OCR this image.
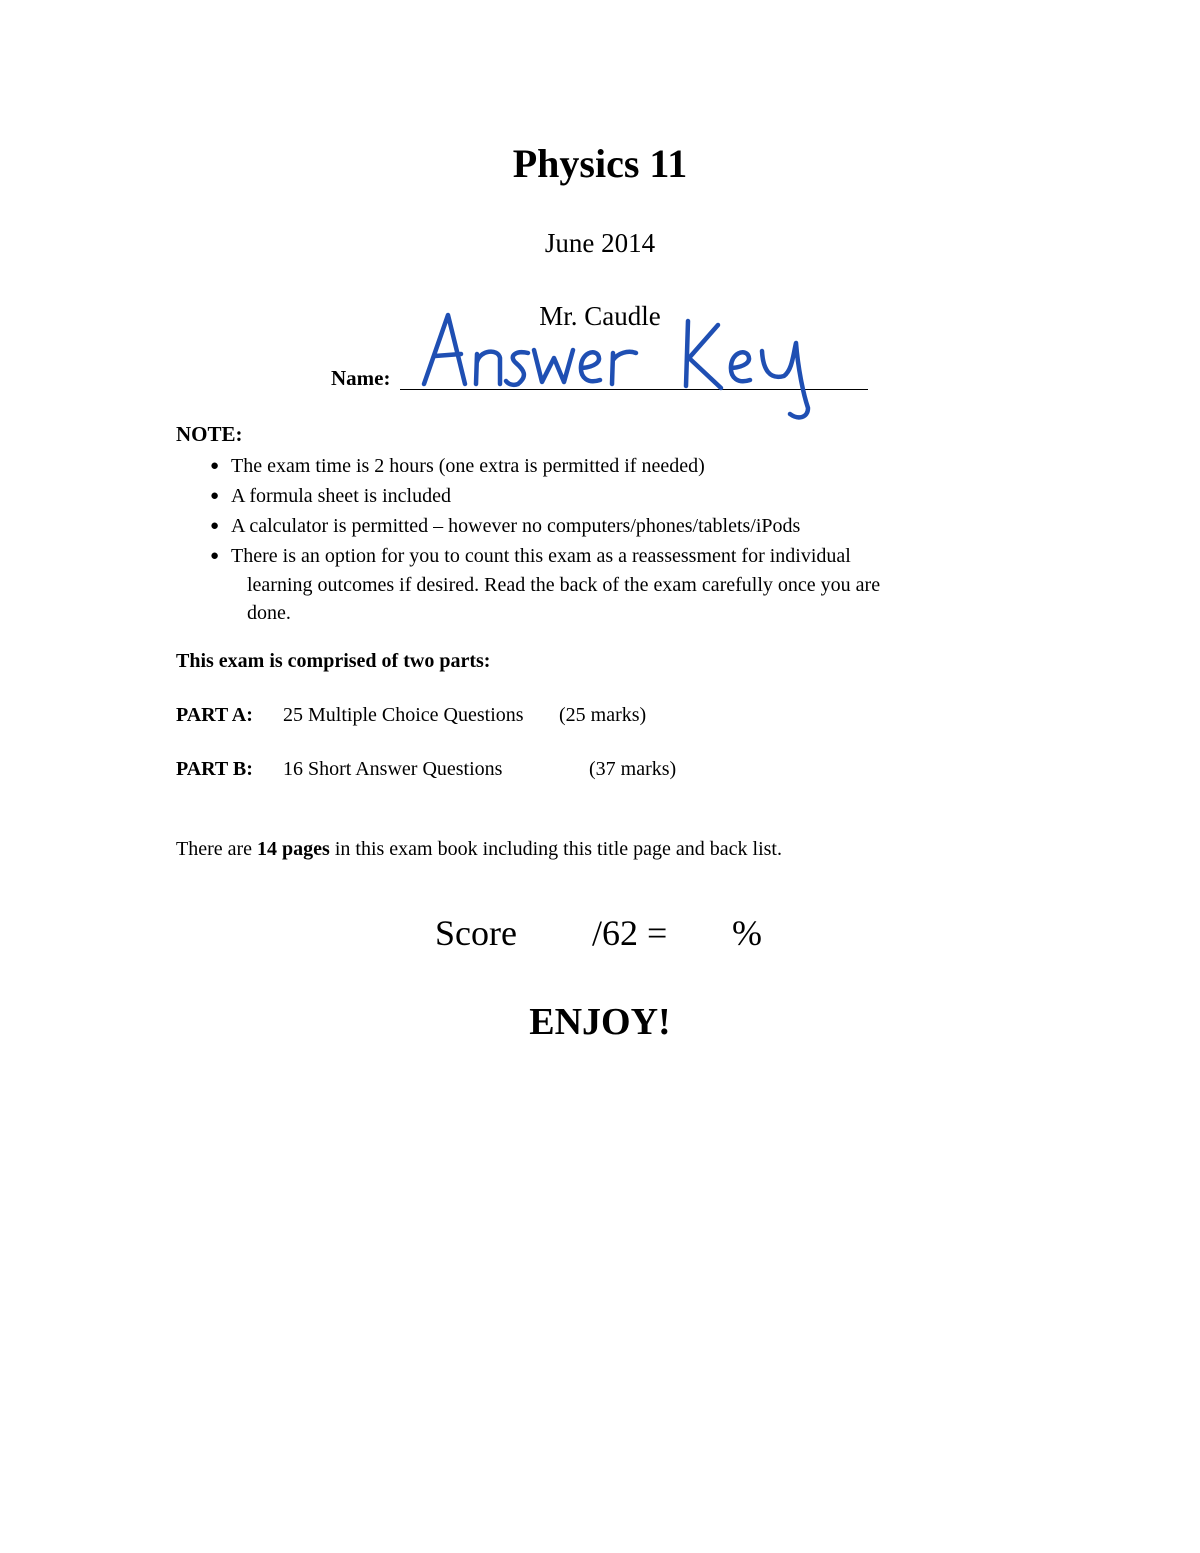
Physics 11
June 2014
Mr. Caudle
Name:
NOTE:
● The exam time is 2 hours (one extra is permitted if needed)
● A formula sheet is included
● A calculator is permitted – however no computers/phones/tablets/iPods
● There is an option for you to count this exam as a reassessment for individual
learning outcomes if desired. Read the back of the exam carefully once you are
done.
This exam is comprised of two parts:
PART A: 25 Multiple Choice Questions (25 marks)
PART B: 16 Short Answer Questions	(37 marks)
There are 14 pages in this exam book including this title page and back list.
Score /62 = %
ENJOY!
